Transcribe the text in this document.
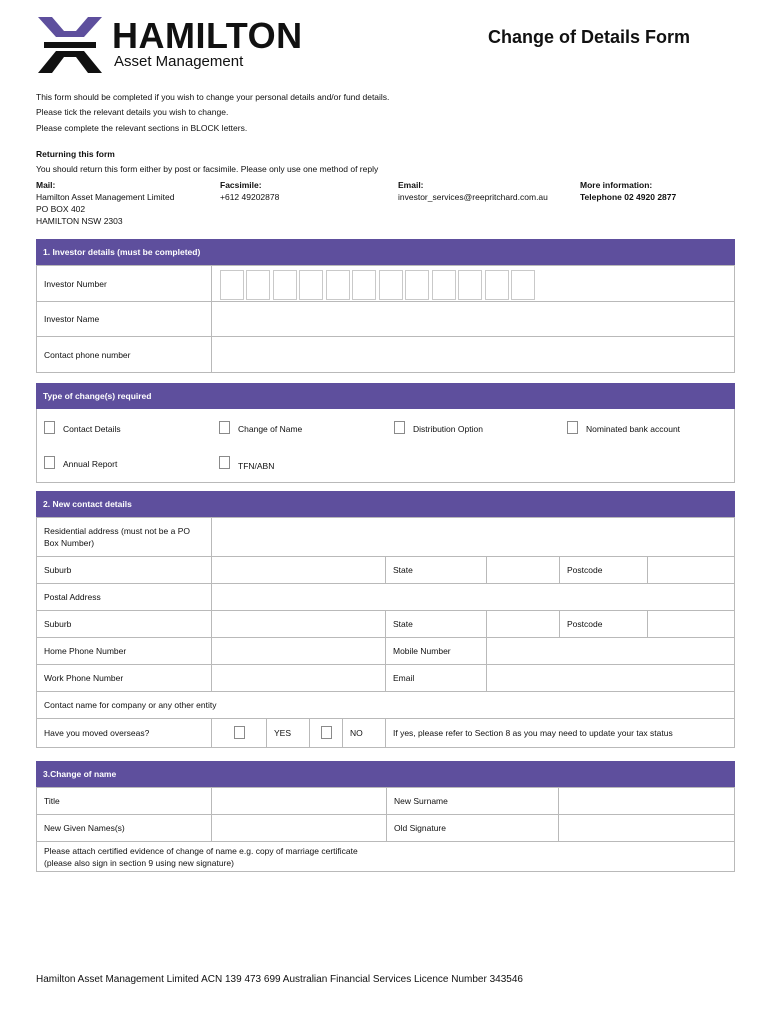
HAMILTON
Asset Management
Change of Details Form
This form should be completed if you wish to change your personal details and/or fund details.
Please tick the relevant details you wish to change.
Please complete the relevant sections in BLOCK letters.
Returning this form
You should return this form either by post or facsimile. Please only use one method of reply
Mail:
Hamilton Asset Management Limited
PO BOX 402
HAMILTON NSW 2303
Facsimile:
+612 49202878
Email:
investor_services@reepritchard.com.au
More information:
Telephone 02 4920 2877
1. Investor details (must be completed)
Investor Number	

Investor Name	
Contact phone number	
Type of change(s) required
Contact Details	Change of Name	Distribution Option	Nominated bank account
Annual Report	TFN/ABN
2. New contact details
Residential address (must not be a PO Box Number)								
Suburb					State		Postcode	
Postal Address								
Suburb					State		Postcode	
Home Phone Number					Mobile Number			
Work Phone Number					Email			
Contact name for company or any other entity								
Have you moved overseas?		YES		NO	If yes, please refer to Section 8 as you may need to update your tax status			
3.Change of name
Title		New Surname	
New Given Names(s)		Old Signature	

Please attach certified evidence of change of name e.g. copy of marriage certificate
(please also sign in section 9 using new signature)			
Hamilton Asset Management Limited ACN 139 473 699 Australian Financial Services Licence Number 343546
